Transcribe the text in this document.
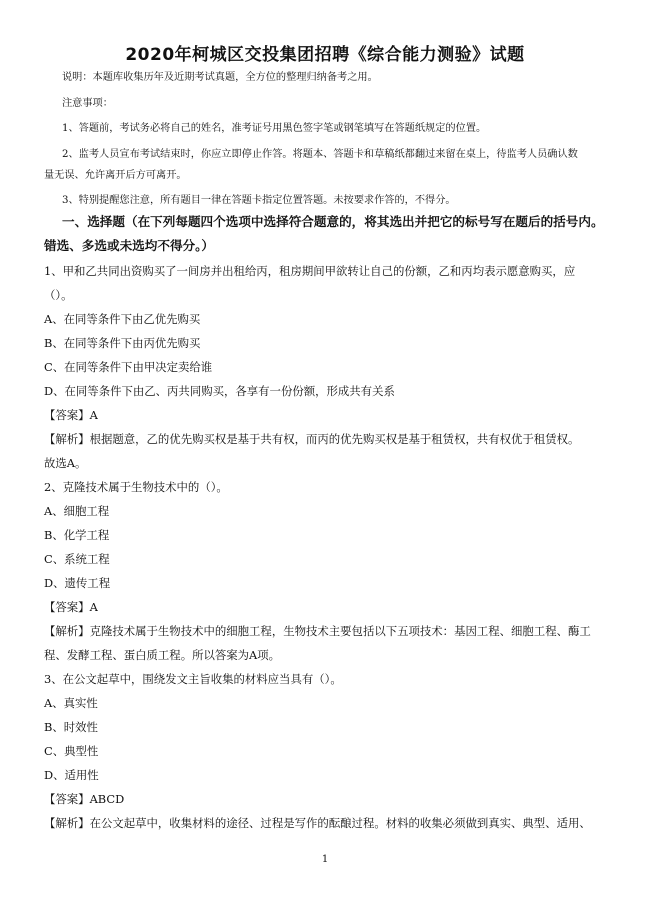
2020年柯城区交投集团招聘《综合能力测验》试题
说明：本题库收集历年及近期考试真题，全方位的整理归纳备考之用。
注意事项：
1、答题前，考试务必将自己的姓名，准考证号用黑色签字笔或钢笔填写在答题纸规定的位置。
2、监考人员宣布考试结束时，你应立即停止作答。将题本、答题卡和草稿纸都翻过来留在桌上，待监考人员确认数
量无误、允许离开后方可离开。
3、特别提醒您注意，所有题目一律在答题卡指定位置答题。未按要求作答的，不得分。
一、选择题（在下列每题四个选项中选择符合题意的，将其选出并把它的标号写在题后的括号内。
错选、多选或未选均不得分。）
1、甲和乙共同出资购买了一间房并出租给丙，租房期间甲欲转让自己的份额，乙和丙均表示愿意购买，应
（）。
A、在同等条件下由乙优先购买
B、在同等条件下由丙优先购买
C、在同等条件下由甲决定卖给谁
D、在同等条件下由乙、丙共同购买，各享有一份份额，形成共有关系
【答案】A
【解析】根据题意，乙的优先购买权是基于共有权，而丙的优先购买权是基于租赁权，共有权优于租赁权。
故选A。
2、克隆技术属于生物技术中的（）。
A、细胞工程
B、化学工程
C、系统工程
D、遗传工程
【答案】A
【解析】克隆技术属于生物技术中的细胞工程，生物技术主要包括以下五项技术：基因工程、细胞工程、酶工
程、发酵工程、蛋白质工程。所以答案为A项。
3、在公文起草中，围绕发文主旨收集的材料应当具有（）。
A、真实性
B、时效性
C、典型性
D、适用性
【答案】ABCD
【解析】在公文起草中，收集材料的途径、过程是写作的酝酿过程。材料的收集必须做到真实、典型、适用、
1
